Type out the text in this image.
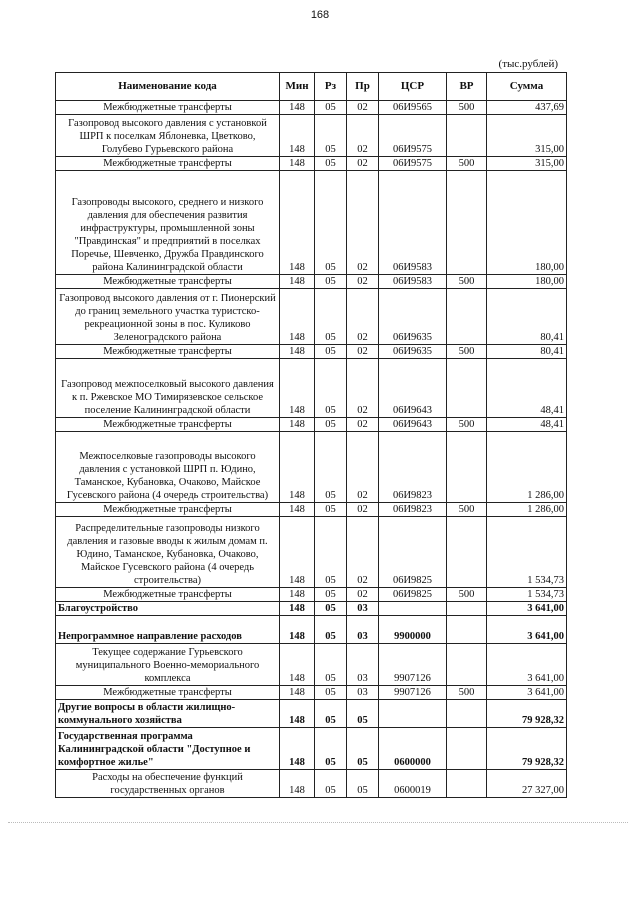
168
(тыс.рублей)
Наименование кода	Мин	Рз	Пр	ЦСР	ВР	Сумма
Межбюджетные трансферты	148	05	02	06И9565	500	437,69
Газопровод высокого давления с установкой ШРП к поселкам Яблоневка, Цветково, Голубево Гурьевского района	148	05	02	06И9575		315,00
Межбюджетные трансферты	148	05	02	06И9575	500	315,00
Газопроводы высокого, среднего и низкого давления для обеспечения развития инфраструктуры, промышленной зоны "Правдинская" и предприятий в поселках Поречье, Шевченко, Дружба Правдинского района Калининградской области	148	05	02	06И9583		180,00
Межбюджетные трансферты	148	05	02	06И9583	500	180,00
Газопровод высокого давления от г. Пионерский до границ земельного участка туристско-рекреационной зоны в пос. Куликово Зеленоградского района	148	05	02	06И9635		80,41
Межбюджетные трансферты	148	05	02	06И9635	500	80,41
Газопровод межпоселковый высокого давления к п. Ржевское МО Тимирязевское сельское поселение Калининградской области	148	05	02	06И9643		48,41
Межбюджетные трансферты	148	05	02	06И9643	500	48,41
Межпоселковые газопроводы высокого давления с установкой ШРП п. Юдино, Таманское, Кубановка, Очаково, Майское Гусевского района (4 очередь строительства)	148	05	02	06И9823		1 286,00
Межбюджетные трансферты	148	05	02	06И9823	500	1 286,00
Распределительные газопроводы низкого давления и газовые вводы к жилым домам п. Юдино, Таманское, Кубановка, Очаково, Майское Гусевского района (4 очередь строительства)	148	05	02	06И9825		1 534,73
Межбюджетные трансферты	148	05	02	06И9825	500	1 534,73
Благоустройство	148	05	03			3 641,00
Непрограммное направление расходов	148	05	03	9900000		3 641,00
Текущее содержание Гурьевского муниципального Военно-мемориального комплекса	148	05	03	9907126		3 641,00
Межбюджетные трансферты	148	05	03	9907126	500	3 641,00
Другие вопросы в области жилищно-коммунального хозяйства	148	05	05			79 928,32
Государственная программа Калининградской области "Доступное и комфортное жилье"	148	05	05	0600000		79 928,32
Расходы на обеспечение функций государственных органов	148	05	05	0600019		27 327,00
